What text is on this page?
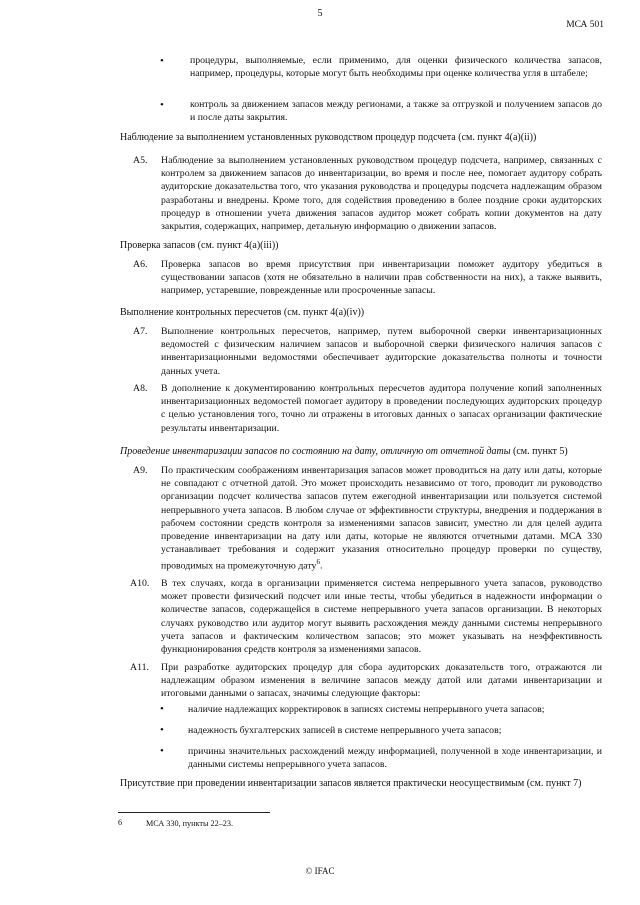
5
МСА 501
•	процедуры, выполняемые, если применимо, для оценки физического количества запасов, например, процедуры, которые могут быть необходимы при оценке количества угля в штабеле;
•	контроль за движением запасов между регионами, а также за отгрузкой и получением запасов до и после даты закрытия.
Наблюдение за выполнением установленных руководством процедур подсчета (см. пункт 4(a)(ii))
A5. Наблюдение за выполнением установленных руководством процедур подсчета, например, связанных с контролем за движением запасов до инвентаризации, во время и после нее, помогает аудитору собрать аудиторские доказательства того, что указания руководства и процедуры подсчета надлежащим образом разработаны и внедрены. Кроме того, для содействия проведению в более поздние сроки аудиторских процедур в отношении учета движения запасов аудитор может собрать копии документов на дату закрытия, содержащих, например, детальную информацию о движении запасов.
Проверка запасов (см. пункт 4(a)(iii))
A6. Проверка запасов во время присутствия при инвентаризации поможет аудитору убедиться в существовании запасов (хотя не обязательно в наличии прав собственности на них), а также выявить, например, устаревшие, поврежденные или просроченные запасы.
Выполнение контрольных пересчетов (см. пункт 4(a)(iv))
A7. Выполнение контрольных пересчетов, например, путем выборочной сверки инвентаризационных ведомостей с физическим наличием запасов и выборочной сверки физического наличия запасов с инвентаризационными ведомостями обеспечивает аудиторские доказательства полноты и точности данных учета.
A8. В дополнение к документированию контрольных пересчетов аудитора получение копий заполненных инвентаризационных ведомостей помогает аудитору в проведении последующих аудиторских процедур с целью установления того, точно ли отражены в итоговых данных о запасах организации фактические результаты инвентаризации.
Проведение инвентаризации запасов по состоянию на дату, отличную от отчетной даты (см. пункт 5)
A9. По практическим соображениям инвентаризация запасов может проводиться на дату или даты, которые не совпадают с отчетной датой. Это может происходить независимо от того, проводит ли руководство организации подсчет количества запасов путем ежегодной инвентаризации или пользуется системой непрерывного учета запасов. В любом случае от эффективности структуры, внедрения и поддержания в рабочем состоянии средств контроля за изменениями запасов зависит, уместно ли для целей аудита проведение инвентаризации на дату или даты, которые не являются отчетными датами. МСА 330 устанавливает требования и содержит указания относительно процедур проверки по существу, проводимых на промежуточную дату$^6$.
A10. В тех случаях, когда в организации применяется система непрерывного учета запасов, руководство может провести физический подсчет или иные тесты, чтобы убедиться в надежности информации о количестве запасов, содержащейся в системе непрерывного учета запасов организации. В некоторых случаях руководство или аудитор могут выявить расхождения между данными системы непрерывного учета запасов и фактическим количеством запасов; это может указывать на неэффективность функционирования средств контроля за изменениями запасов.
A11. При разработке аудиторских процедур для сбора аудиторских доказательств того, отражаются ли надлежащим образом изменения в величине запасов между датой или датами инвентаризации и итоговыми данными о запасах, значимы следующие факторы:
• наличие надлежащих корректировок в записях системы непрерывного учета запасов;
• надежность бухгалтерских записей в системе непрерывного учета запасов;
• причины значительных расхождений между информацией, полученной в ходе инвентаризации, и данными системы непрерывного учета запасов.
Присутствие при проведении инвентаризации запасов является практически неосуществимым (см. пункт 7)
6	МСА 330, пункты 22–23.
© IFAC
